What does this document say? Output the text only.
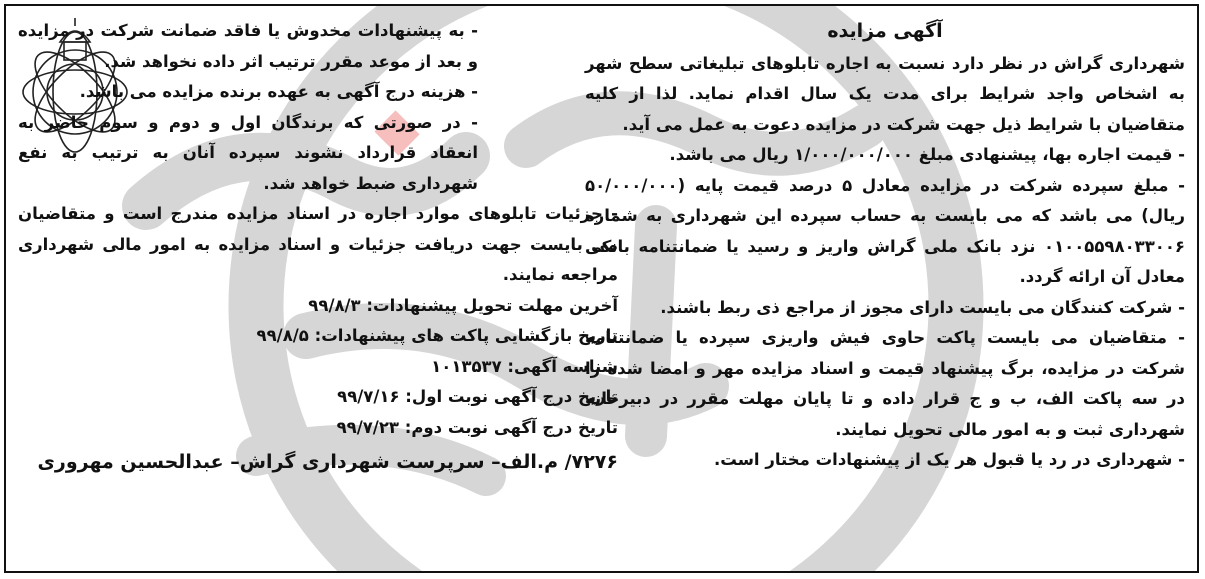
آگهی مزایده

شهرداری گراش در نظر دارد نسبت به اجاره تابلوهای تبلیغاتی سطح شهر به اشخاص واجد شرایط برای مدت یک سال اقدام نماید. لذا از کلیه متقاضیان با شرایط ذیل جهت شرکت در مزایده دعوت به عمل می آید.

- قیمت اجاره بها، پیشنهادی مبلغ ۱/۰۰۰/۰۰۰/۰۰۰ ریال می باشد.

- مبلغ سپرده شرکت در مزایده معادل ۵ درصد قیمت پایه (۵۰/۰۰۰/۰۰۰ ریال) می باشد که می بایست به حساب سپرده این شهرداری به شماره ۰۱۰۰۵۵۹۸۰۳۳۰۰۶ نزد بانک ملی گراش واریز و رسید یا ضمانتنامه بانکی معادل آن ارائه گردد.

- شرکت کنندگان می بایست دارای مجوز از مراجع ذی ربط باشند.

- متقاضیان می بایست پاکت حاوی فیش واریزی سپرده یا ضمانتنامه شرکت در مزایده، برگ پیشنهاد قیمت و اسناد مزایده مهر و امضا شده را در سه پاکت الف، ب و ج قرار داده و تا پایان مهلت مقرر در دبیرخانه شهرداری ثبت و به امور مالی تحویل نمایند.

- شهرداری در رد یا قبول هر یک از پیشنهادات مختار است.

- به پیشنهادات مخدوش یا فاقد ضمانت شرکت در مزایده و بعد از موعد مقرر ترتیب اثر داده نخواهد شد.

- هزینه درج آگهی به عهده برنده مزایده می باشد.

- در صورتی که برندگان اول و دوم و سوم حاضر به انعقاد قرارداد نشوند سپرده آنان به ترتیب به نفع شهرداری ضبط خواهد شد.

- جزئیات تابلوهای موارد اجاره در اسناد مزایده مندرج است و متقاضیان می بایست جهت دریافت جزئیات و اسناد مزایده به امور مالی شهرداری مراجعه نمایند.

آخرین مهلت تحویل پیشنهادات: ۹۹/۸/۳

تاریخ بازگشایی پاکت های پیشنهادات: ۹۹/۸/۵

شناسه آگهی: ۱۰۱۳۵۳۷

تاریخ درج آگهی نوبت اول: ۹۹/۷/۱۶

تاریخ درج آگهی نوبت دوم: ۹۹/۷/۲۳

۷۲۷۶/ م.الف– سرپرست شهرداری گراش– عبدالحسین مهروری
